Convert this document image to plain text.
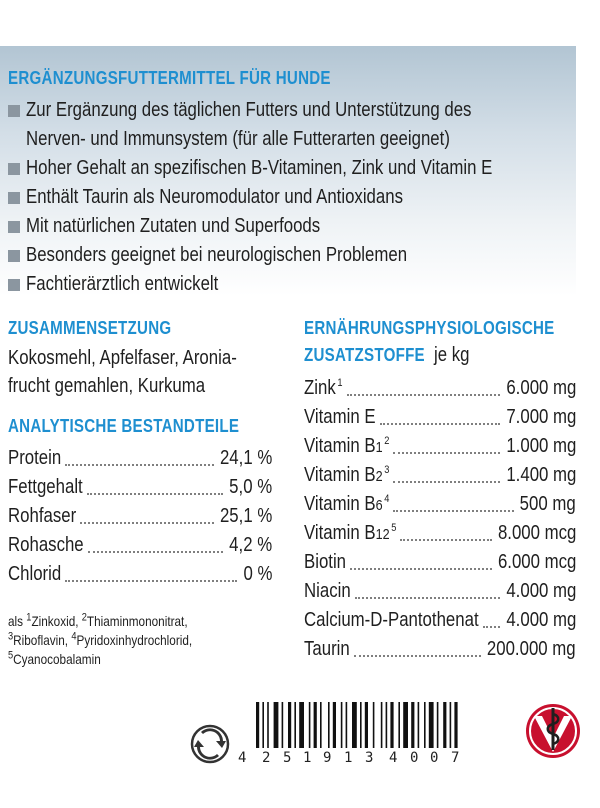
ERGÄNZUNGSFUTTERMITTEL FÜR HUNDE
Zur Ergänzung des täglichen Futters und Unterstützung des
Nerven- und Immunsystem (für alle Futterarten geeignet)
Hoher Gehalt an spezifischen B-Vitaminen, Zink und Vitamin E
Enthält Taurin als Neuromodulator und Antioxidans
Mit natürlichen Zutaten und Superfoods
Besonders geeignet bei neurologischen Problemen
Fachtierärztlich entwickelt
ZUSAMMENSETZUNG
Kokosmehl, Apfelfaser, Aronia-
frucht gemahlen, Kurkuma
ANALYTISCHE BESTANDTEILE
Protein	24,1 %
Fettgehalt	5,0 %
Rohfaser	25,1 %
Rohasche	4,2 %
Chlorid	0 %
ERNÄHRUNGSPHYSIOLOGISCHE
ZUSATZSTOFFE je kg
Zink $^1$	6.000 mg
Vitamin E	7.000 mg
Vitamin B1 $^2$	1.000 mg
Vitamin B2 $^3$	1.400 mg
Vitamin B6 $^4$	500 mg
Vitamin B12 $^5$	8.000 mcg
Biotin	6.000 mcg
Niacin	4.000 mg
Calcium-D-Pantothenat	4.000 mg
Taurin	200.000 mg
als $^1$Zinkoxid, $^2$Thiaminmononitrat,
$^3$Riboflavin, $^4$Pyridoxinhydrochlorid,
$^5$Cyanocobalamin
4 2 5 1 9 1 3 4 0 0 7
